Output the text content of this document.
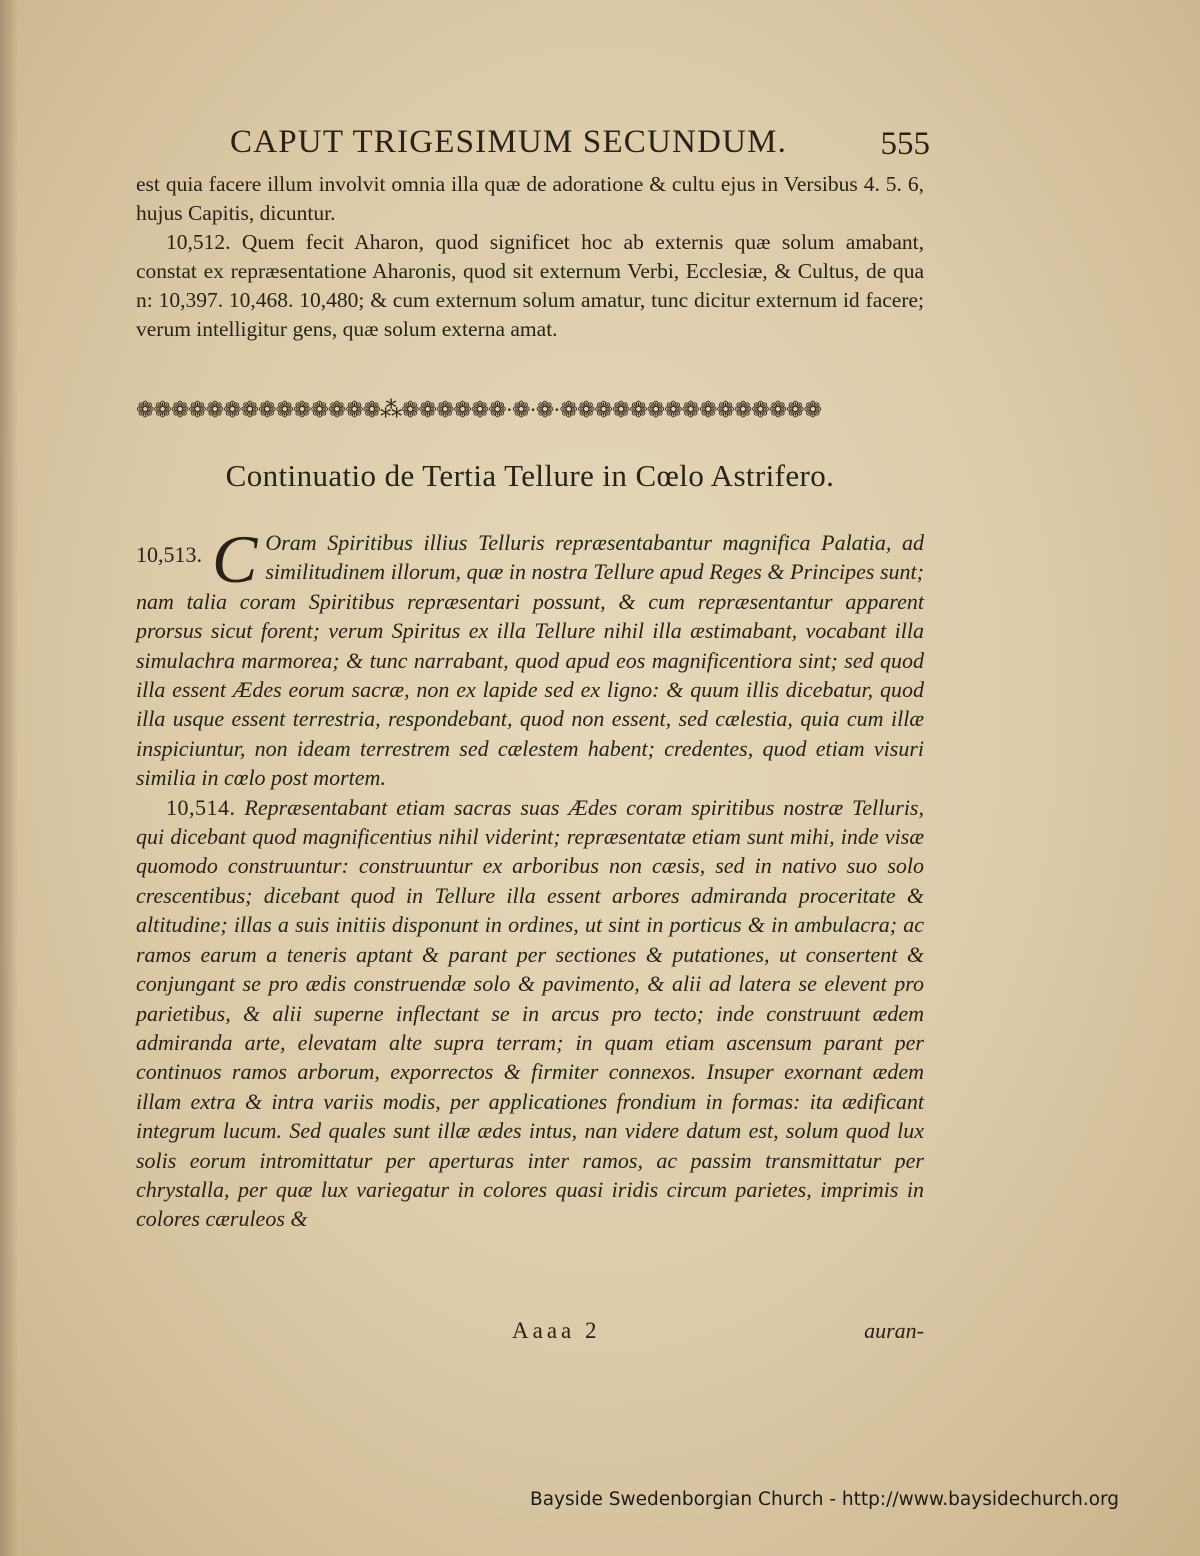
CAPUT TRIGESIMUM SECUNDUM.	555

est quia facere illum involvit omnia illa quæ de adoratione & cultu ejus in Versibus 4. 5. 6, hujus Capitis, dicuntur.

10,512. Quem fecit Aharon, quod significet hoc ab externis quæ solum amabant, constat ex repræsentatione Aharonis, quod sit externum Verbi, Ecclesiæ, & Cultus, de qua n: 10,397. 10,468. 10,480; & cum externum solum amatur, tunc dicitur externum id facere; verum intelligitur gens, quæ solum externa amat.

❁❁❁❁❁❁❁❁❁❁❁❁❁❁⁂❁❁❁❁❁❁·❁·❁·❁❁❁❁❁❁❁❁❁❁❁❁❁❁❁
Continuatio de Tertia Tellure in Cœlo Astrifero.

10,513. C Oram Spiritibus illius Telluris repræsentabantur magnifica Palatia, ad similitudinem illorum, quæ in nostra Tellure apud Reges & Principes sunt; nam talia coram Spiritibus repræsentari possunt, & cum repræsentantur apparent prorsus sicut forent; verum Spiritus ex illa Tellure nihil illa æstimabant, vocabant illa simulachra marmorea; & tunc narrabant, quod apud eos magnificentiora sint; sed quod illa essent Ædes eorum sacræ, non ex lapide sed ex ligno: & quum illis dicebatur, quod illa usque essent terrestria, respondebant, quod non essent, sed cælestia, quia cum illæ inspiciuntur, non ideam terrestrem sed cælestem habent; credentes, quod etiam visuri similia in cœlo post mortem.

10,514. Repræsentabant etiam sacras suas Ædes coram spiritibus nostræ Telluris, qui dicebant quod magnificentius nihil viderint; repræsentatæ etiam sunt mihi, inde visæ quomodo construuntur: construuntur ex arboribus non cæsis, sed in nativo suo solo crescentibus; dicebant quod in Tellure illa essent arbores admiranda proceritate & altitudine; illas a suis initiis disponunt in ordines, ut sint in porticus & in ambulacra; ac ramos earum a teneris aptant & parant per sectiones & putationes, ut consertent & conjungant se pro ædis construendæ solo & pavimento, & alii ad latera se elevent pro parietibus, & alii superne inflectant se in arcus pro tecto; inde construunt ædem admiranda arte, elevatam alte supra terram; in quam etiam ascensum parant per continuos ramos arborum, exporrectos & firmiter connexos. Insuper exornant ædem illam extra & intra variis modis, per applicationes frondium in formas: ita ædificant integrum lucum. Sed quales sunt illæ ædes intus, nan videre datum est, solum quod lux solis eorum intromittatur per aperturas inter ramos, ac passim transmittatur per chrystalla, per quæ lux variegatur in colores quasi iridis circum parietes, imprimis in colores cæruleos &

Aaaa 2	auran-
Bayside Swedenborgian Church - http://www.baysidechurch.org
